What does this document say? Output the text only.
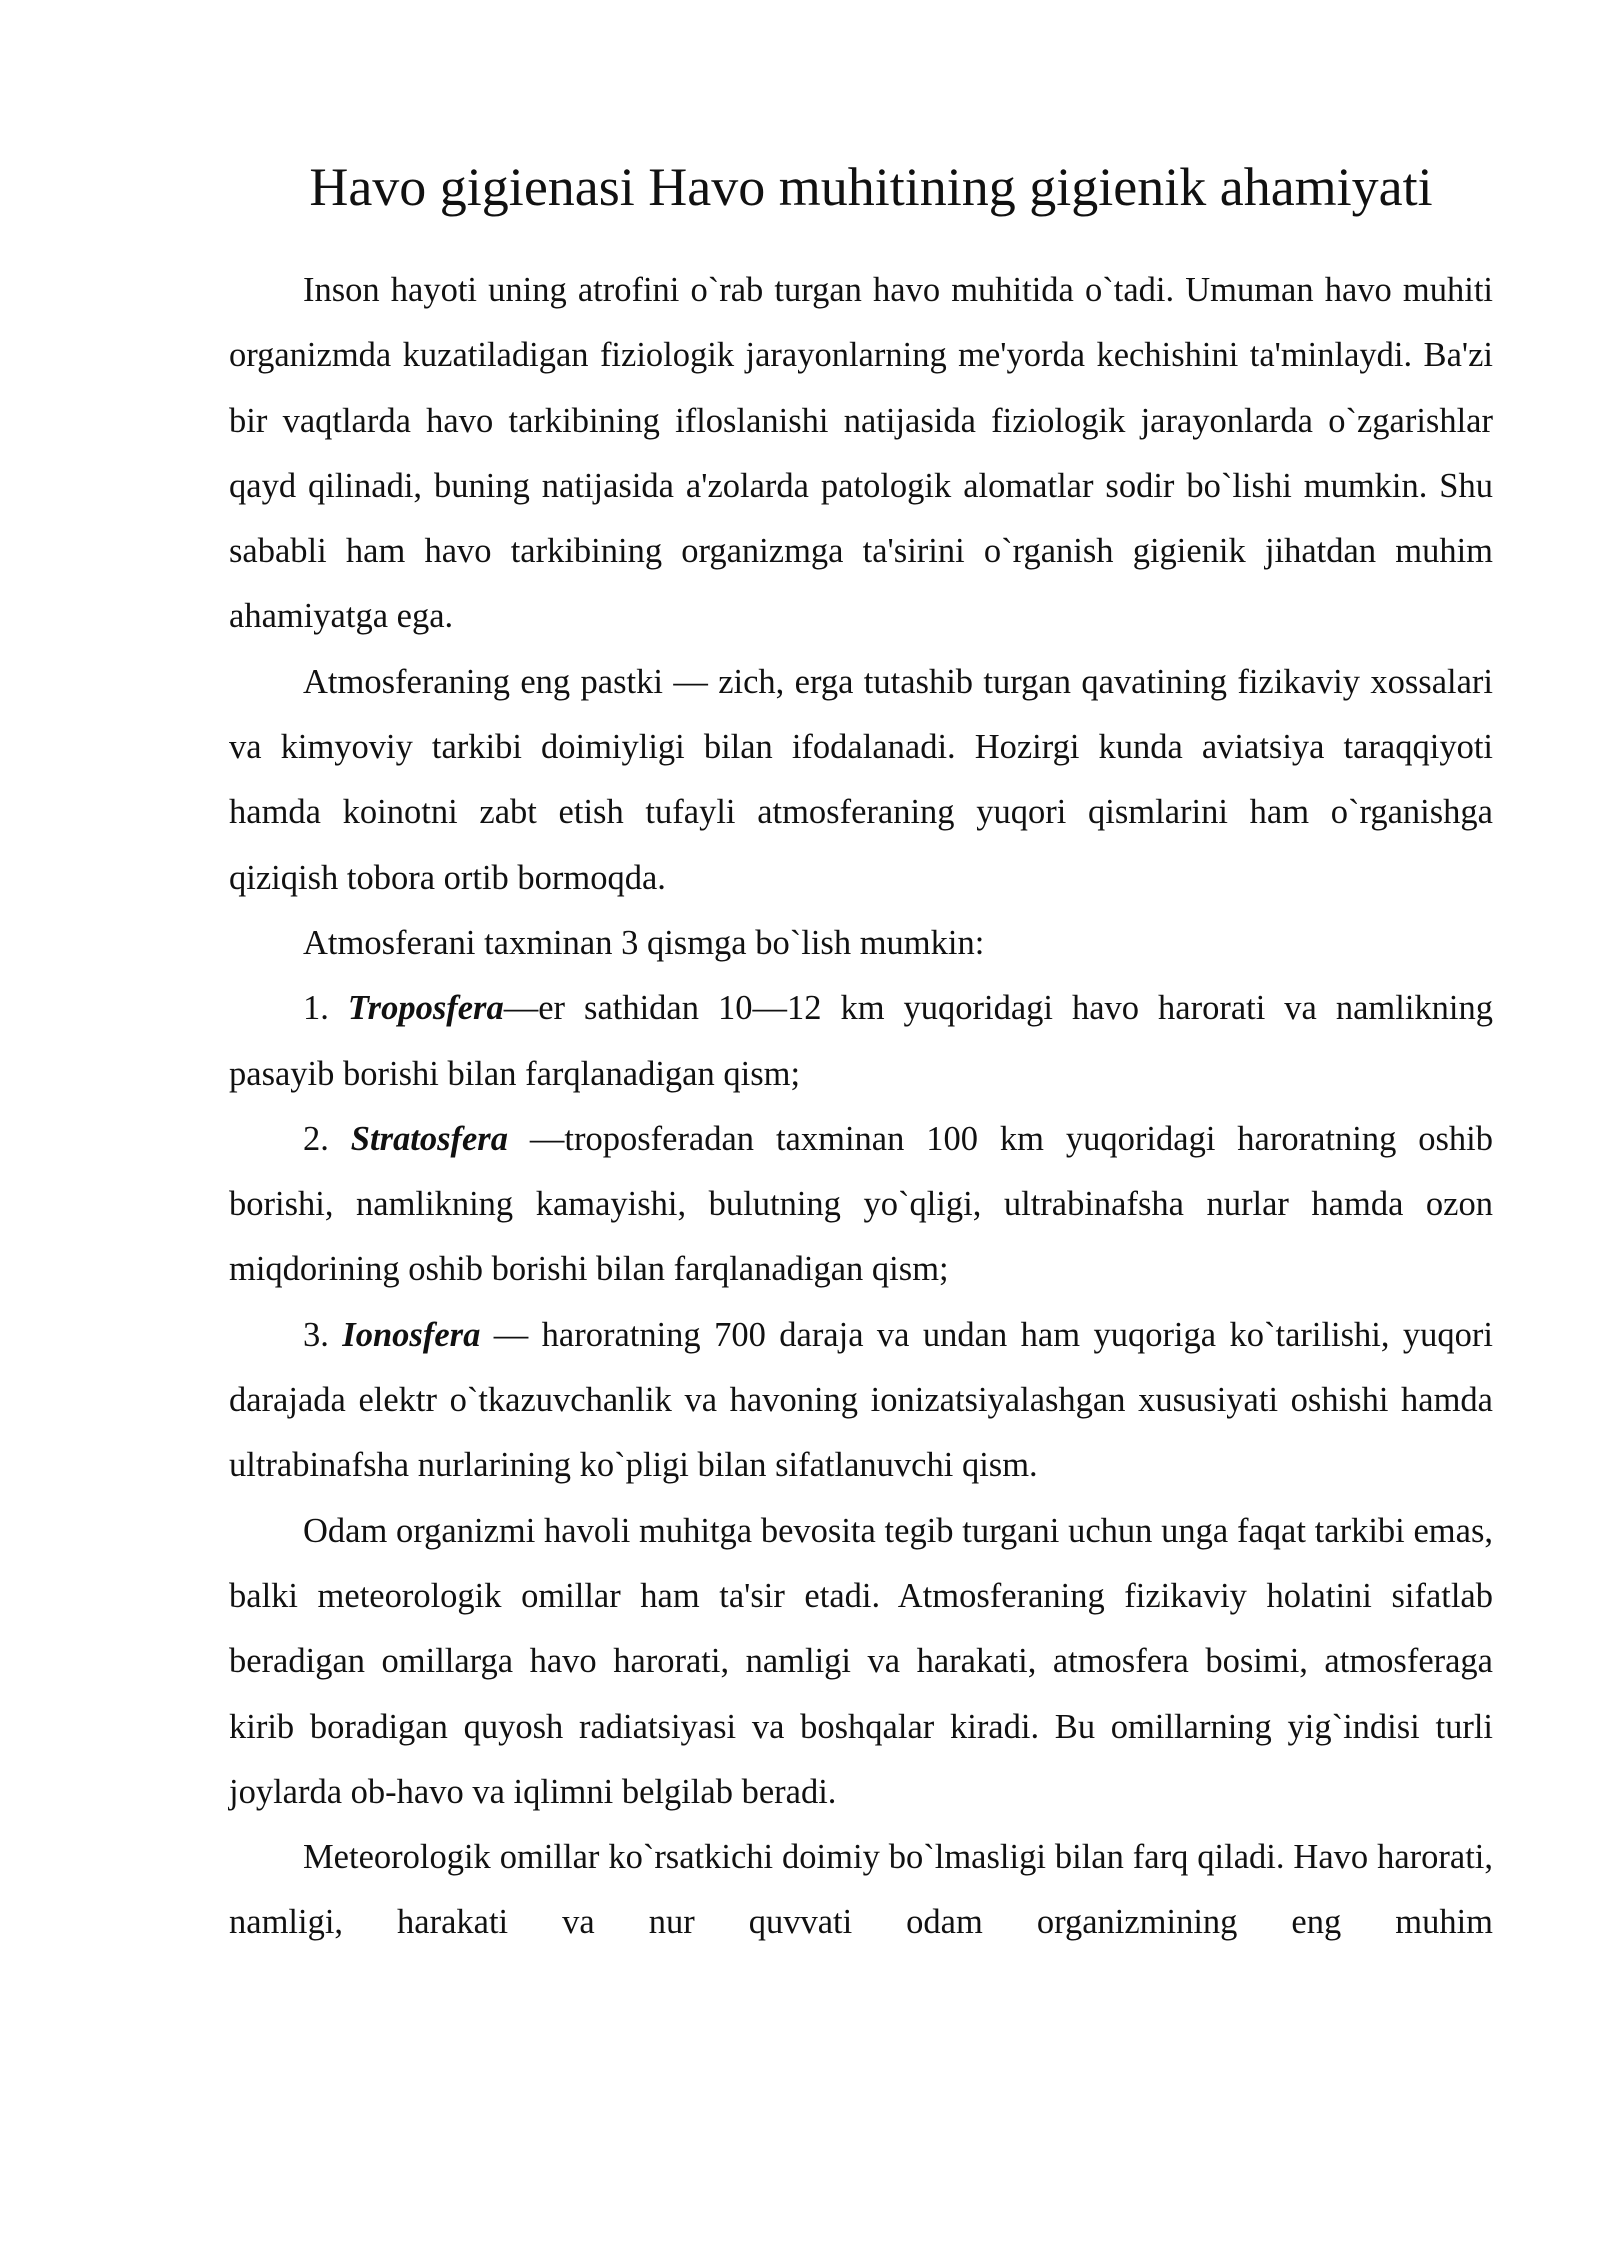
Havo gigienasi Havo muhitining gigienik ahamiyati

Inson hayoti uning atrofini o`rab turgan havo muhitida o`tadi. Umuman havo muhiti organizmda kuzatiladigan fiziologik jarayonlarning me'yorda kechishini ta'minlaydi. Ba'zi bir vaqtlarda havo tarkibining ifloslanishi natijasida fiziologik jarayonlarda o`zgarishlar qayd qilinadi, buning natijasida a'zolarda patologik alomatlar sodir bo`lishi mumkin. Shu sababli ham havo tarkibining organizmga ta'sirini o`rganish gigienik jihatdan muhim ahamiyatga ega.

Atmosferaning eng pastki — zich, erga tutashib turgan qavatining fizikaviy xossalari va kimyoviy tarkibi doimiyligi bilan ifodalanadi. Hozirgi kunda aviatsiya taraqqiyoti hamda koinotni zabt etish tufayli atmosferaning yuqori qismlarini ham o`rganishga qiziqish tobora ortib bormoqda.

Atmosferani taxminan 3 qismga bo`lish mumkin:

1. Troposfera—er sathidan 10—12 km yuqoridagi havo harorati va namlikning pasayib borishi bilan farqlanadigan qism;

2. Stratosfera —troposferadan taxminan 100 km yuqoridagi haroratning oshib borishi, namlikning kamayishi, bulutning yo`qligi, ultrabinafsha nurlar hamda ozon miqdorining oshib borishi bilan farqlanadigan qism;

3. Ionosfera — haroratning 700 daraja va undan ham yuqoriga ko`tarilishi, yuqori darajada elektr o`tkazuvchanlik va havoning ionizatsiyalashgan xususiyati oshishi hamda ultrabinafsha nurlarining ko`pligi bilan sifatlanuvchi qism.

Odam organizmi havoli muhitga bevosita tegib turgani uchun unga faqat tarkibi emas, balki meteorologik omillar ham ta'sir etadi. Atmosferaning fizikaviy holatini sifatlab beradigan omillarga havo harorati, namligi va harakati, atmosfera bosimi, atmosferaga kirib boradigan quyosh radiatsiyasi va boshqalar kiradi. Bu omillarning yig`indisi turli joylarda ob-havo va iqlimni belgilab beradi.

Meteorologik omillar ko`rsatkichi doimiy bo`lmasligi bilan farq qiladi. Havo harorati, namligi, harakati va nur quvvati odam organizmining eng muhim
